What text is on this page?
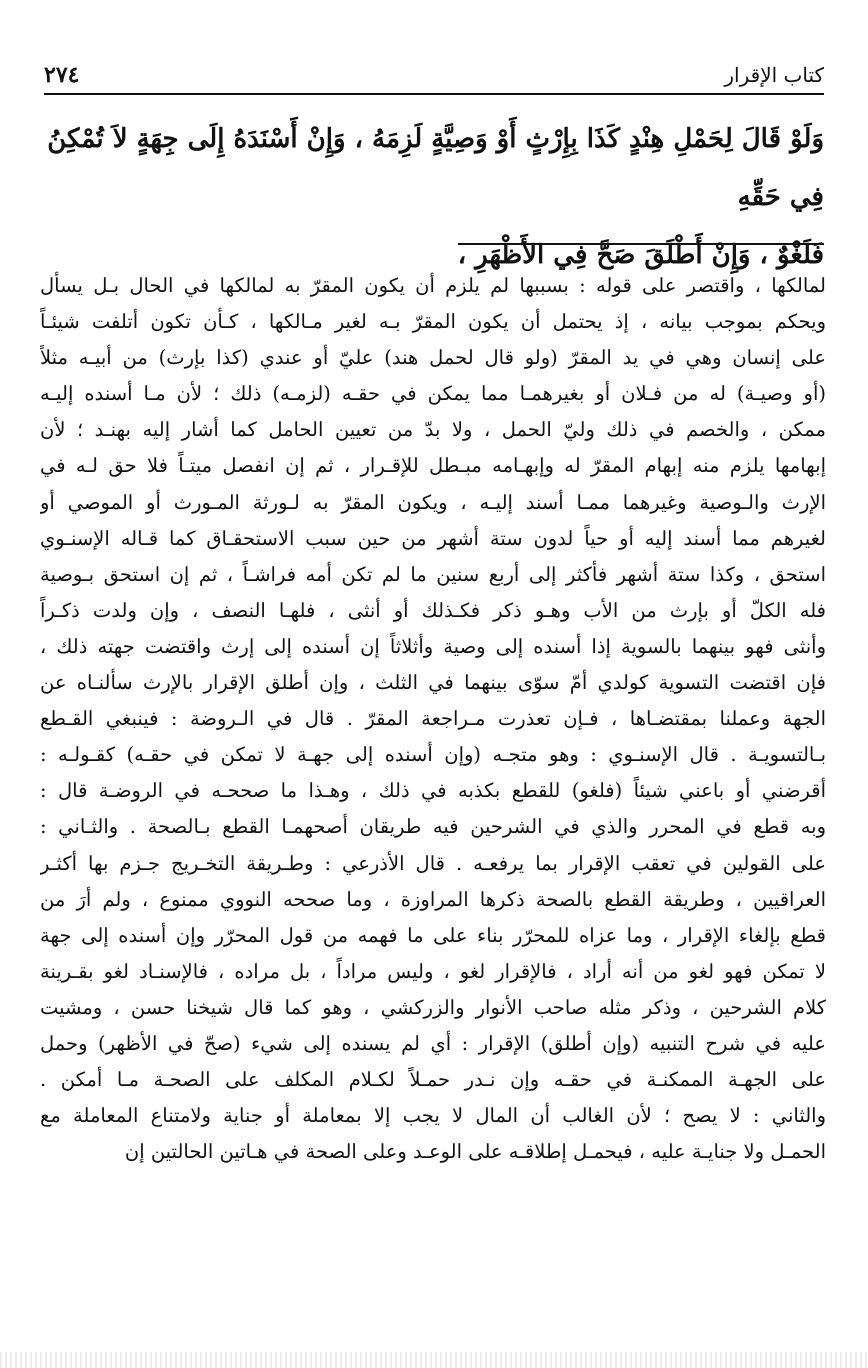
٢٧٤	كتاب الإقرار

وَلَوْ قَالَ لِحَمْلِ هِنْدٍ كَذَا بِإِرْثٍ أَوْ وَصِيَّةٍ لَزِمَهُ ، وَإِنْ أَسْنَدَهُ إِلَى جِهَةٍ لاَ تُمْكِنُ فِي حَقِّهِ

فَلَغْوٌ ، وَإِنْ أَطْلَقَ صَحَّ فِي الأَظْهَرِ ،

لمالكها ، واقتصر على قوله : بسببها لم يلزم أن يكون المقرّ به لمالكها في الحال بـل يسأل
ويحكم بموجب بيانه ، إذ يحتمل أن يكون المقرّ بـه لغير مـالكها ، كـأن تكون أتلفت شيئـاً
على إنسان وهي في يد المقرّ (ولو قال لحمل هند) عليّ أو عندي (كذا بإرث) من أبيـه مثلاً
(أو وصيـة) له من فـلان أو بغيرهمـا مما يمكن في حقـه (لزمـه) ذلك ؛ لأن مـا أسنده إليـه
ممكن ، والخصم في ذلك وليّ الحمل ، ولا بدّ من تعيين الحامل كما أشار إليه بهنـد ؛ لأن
إبهامها يلزم منه إبهام المقرّ له وإبهـامه مبـطل للإقـرار ، ثم إن انفصل ميتـاً فلا حق لـه في
الإرث والـوصية وغيرهما ممـا أسند إليـه ، ويكون المقرّ به لـورثة المـورث أو الموصي أو
لغيرهم مما أسند إليه أو حياً لدون ستة أشهر من حين سبب الاستحقـاق كما قـاله الإسنـوي
استحق ، وكذا ستة أشهر فأكثر إلى أربع سنين ما لم تكن أمه فراشـاً ، ثم إن استحق بـوصية
فله الكلّ أو بإرث من الأب وهـو ذكر فكـذلك أو أنثى ، فلهـا النصف ، وإن ولدت ذكـراً
وأنثى فهو بينهما بالسوية إذا أسنده إلى وصية وأثلاثاً إن أسنده إلى إرث واقتضت جهته ذلك ،
فإن اقتضت التسوية كولدي أمّ سوّى بينهما في الثلث ، وإن أطلق الإقرار بالإرث سألنـاه عن
الجهة وعملنا بمقتضـاها ، فـإن تعذرت مـراجعة المقرّ . قال في الـروضة : فينبغي القـطع
بـالتسويـة . قال الإسنـوي : وهو متجـه (وإن أسنده إلى جهـة لا تمكن في حقـه) كقـولـه :
أقرضني أو باعني شيئاً (فلغو) للقطع بكذبه في ذلك ، وهـذا ما صححـه في الروضـة قال :
وبه قطع في المحرر والذي في الشرحين فيه طريقان أصحهمـا القطع بـالصحة . والثـاني :
على القولين في تعقب الإقرار بما يرفعـه . قال الأذرعي : وطـريقة التخـريج جـزم بها أكثـر
العراقيين ، وطريقة القطع بالصحة ذكرها المراوزة ، وما صححه النووي ممنوع ، ولم أرَ من
قطع بإلغاء الإقرار ، وما عزاه للمحرّر بناء على ما فهمه من قول المحرّر وإن أسنده إلى جهة
لا تمكن فهو لغو من أنه أراد ، فالإقرار لغو ، وليس مراداً ، بل مراده ، فالإسنـاد لغو بقـرينة
كلام الشرحين ، وذكر مثله صاحب الأنوار والزركشي ، وهو كما قال شيخنا حسن ، ومشيت
عليه في شرح التنبيه (وإن أطلق) الإقرار : أي لم يسنده إلى شيء (صحّ في الأظهر) وحمل
على الجهـة الممكنـة في حقـه وإن نـدر حمـلاً لكـلام المكلف على الصحـة مـا أمكن .
والثاني : لا يصح ؛ لأن الغالب أن المال لا يجب إلا بمعاملة أو جناية ولامتناع المعاملة مع
الحمـل ولا جنايـة عليه ، فيحمـل إطلاقـه على الوعـد وعلى الصحة في هـاتين الحالتين إن
